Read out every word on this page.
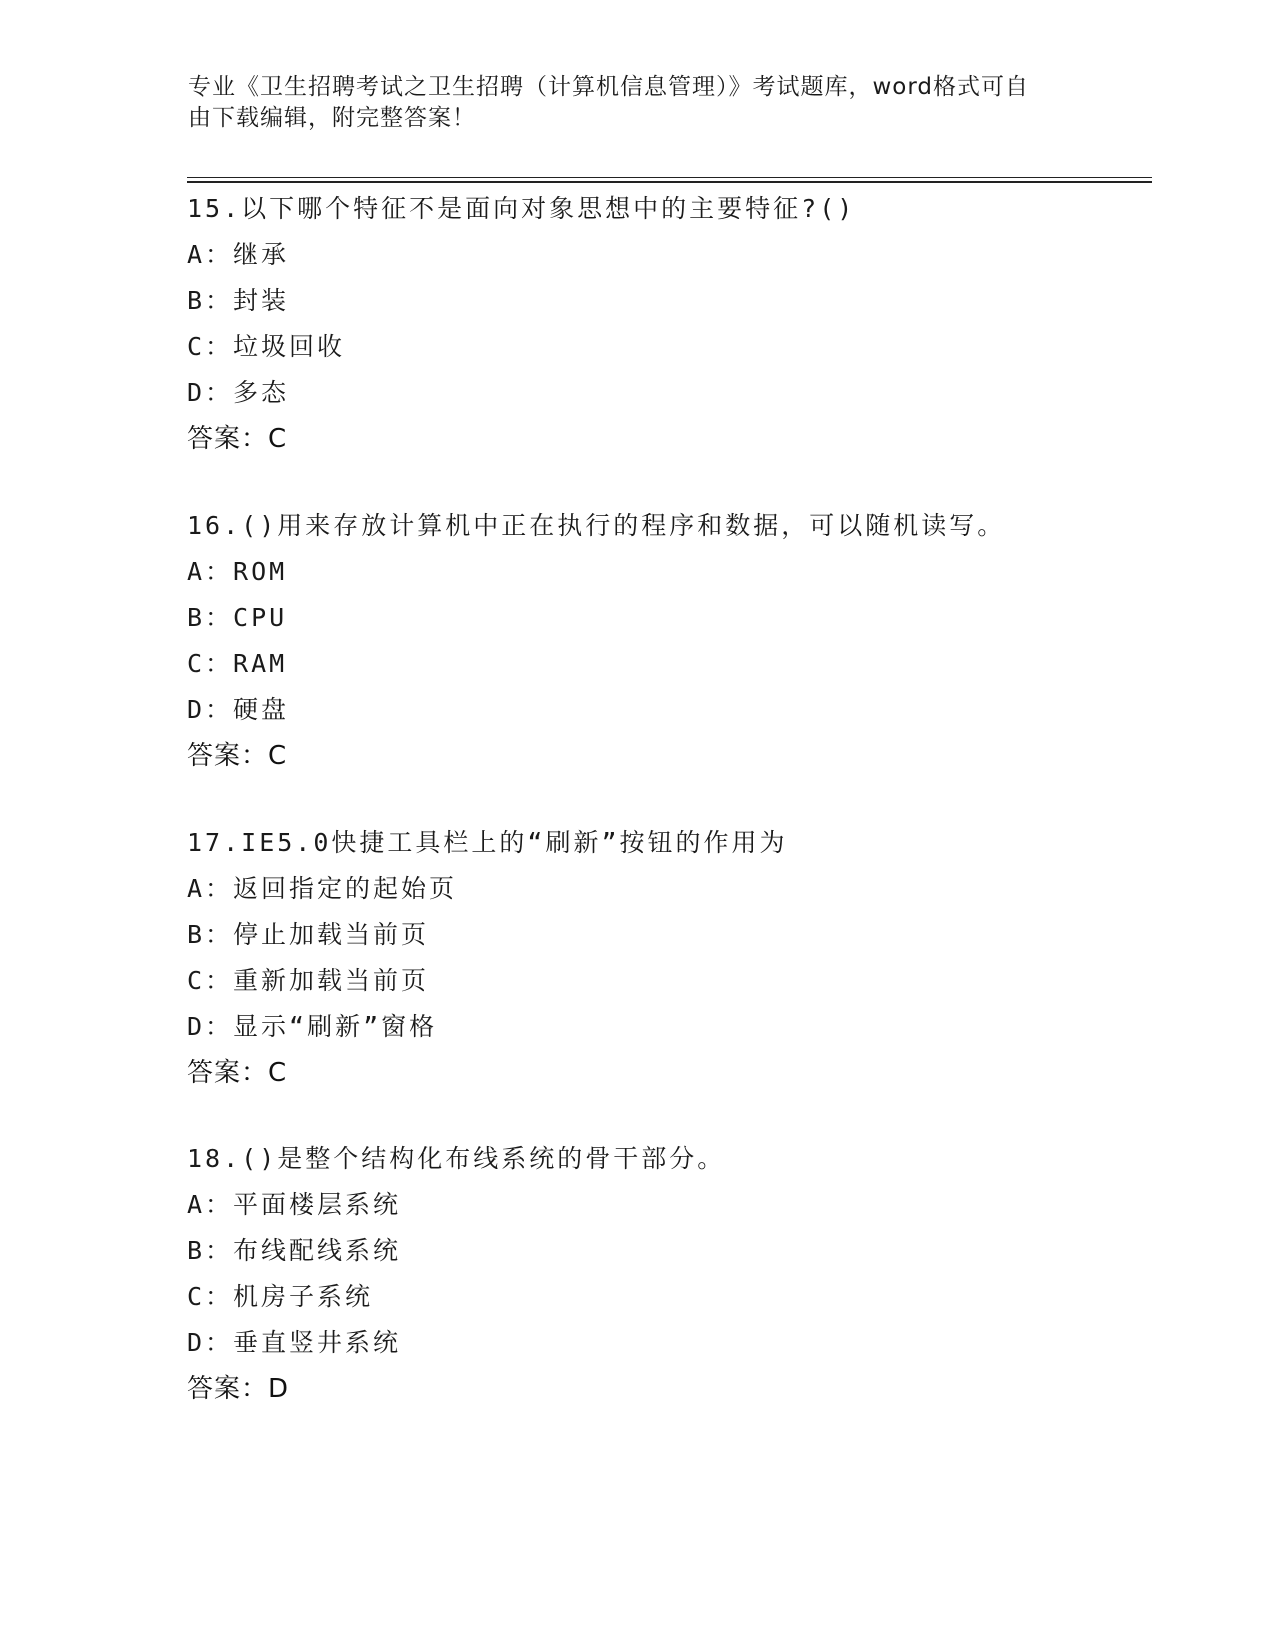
专业《卫生招聘考试之卫生招聘（计算机信息管理）》考试题库，word格式可自
由下载编辑，附完整答案！
15.以下哪个特征不是面向对象思想中的主要特征?()
A：继承
B：封装
C：垃圾回收
D：多态
答案：C
16.()用来存放计算机中正在执行的程序和数据，可以随机读写。
A：ROM
B：CPU
C：RAM
D：硬盘
答案：C
17.IE5.0快捷工具栏上的“刷新”按钮的作用为
A：返回指定的起始页
B：停止加载当前页
C：重新加载当前页
D：显示“刷新”窗格
答案：C
18.()是整个结构化布线系统的骨干部分。
A：平面楼层系统
B：布线配线系统
C：机房子系统
D：垂直竖井系统
答案：D
